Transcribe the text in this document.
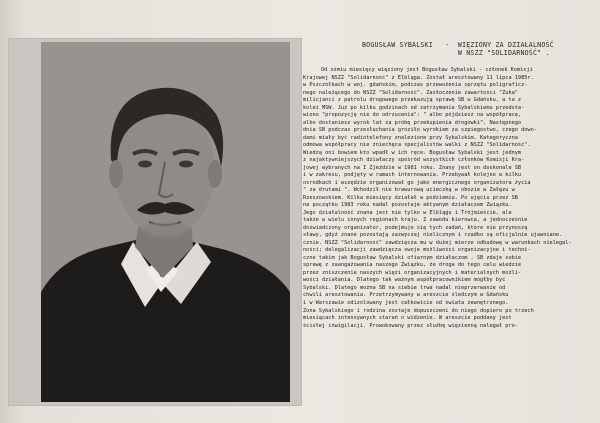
BOGUSŁAW SYBALSKI - WIĘZIONY ZA DZIAŁALNOŚĆ
W NSZZ "SOLIDARNOŚĆ" .

Od ośmiu miesięcy więziony jest Bogusław Sybalski - członek Komisji

Krajowej NSZZ "Solidarność" z Elbląga. Został aresztowany 11 lipca 1985r.

w Pszczółkach w woj. gdańskim, podczas przewożenia sprzętu poligraficz-

nego należącego do NSZZ "Solidarność". Zasłoczenie zawartości "Żuka"

milicjanci z patrolu drogowego przekazują sprawę SB w Gdańsku, a ta z

kolei MSW. Już po kilku godzinach od zatrzymania Sybalskiemu przedsta-

wiono "propozycję nie do odrzucenia": " albo pójdziesz na współpracę,

albo dostaniesz wyrok lat za próbę przekupienia drogówki". Następnego

dnia SB podczas przesłuchania groziło wyrokiem za szpiegostwo, czego dowo-

dami miały być radiotelefony znalezione przy Sybalskim. Kategoryczna

odmowa współpracy nie zniechęca specjalistów walki z NSZZ "Solidarność".

Wiedzą oni bowiem kto wpadł w ich ręce. Bogusław Sybalski jest jednym

z najaktywniejszych działaczy spośród wszystkich członków Komisji Kra-

jowej wybranych na I Zjeździe w 1981 roku. Znany jest on doskonale SB

i w zakresu, podjęty w ramach internowania. Przebywał kolejno w kilku

ośrodkach i wszędzie organizował go jako energicznego organizatora życia

" za drutami ". Wchodził nie brawurową ucieczką w obozie w Załęzu w

Rzeszowskiem. Kilka miesięcy działał w podziemiu. Po ujęciu przez SB

na początku 1983 roku nadal pozostaje aktywnym działaczem Związku.

Jego działalność znana jest nie tylko w Elblągu i Trójmieście, ale

także w wielu innych regionach kraju. Z zawodu kierowca, a jednocześnie

doświadczony organizator, podejmuje się tych zadań, które nie przynoszą

sławy, gdyż znane pozostają zazwyczaj nielicznym i rzadko są oficjalnie ujawniane.

cznie. NSZZ "Solidarność" zawdzięcza mu w dużej mierze odbudowę w warunkach nielegal-

ności; delegalizacji zawdzięcza swoje możliwości organizacyjne i techni-

czne takim jak Bogusław Sybalski ofiarnym działaczom . SB zdaje sobie

sprawę z zaangażowania naszego Związku, że droga do tego celu wiedzie

przez zniszczenie naszych więzi organizacyjnych i materialnych możli-

wości działania. Dlatego tak ważnym współpracownikiem mógłby być

Sybalski. Dlatego można SB na siebie trwa nadal nieprzerwanie od

chwili aresztowania. Przetrzymywany w areszcie śledczym w Gdańsku

i w Warszawie odizolowany jest całkowicie od świata zewnętrznego.

Żona Sybalskiego i rodzina zostaje dopuszczeni do niego dopiero po trzech

miesiącach intensywnych starań o widzenie. W areszcie poddany jest

ścisłej inwigilacji. Prowokowany przez służbę więzienną nalegał pro-
